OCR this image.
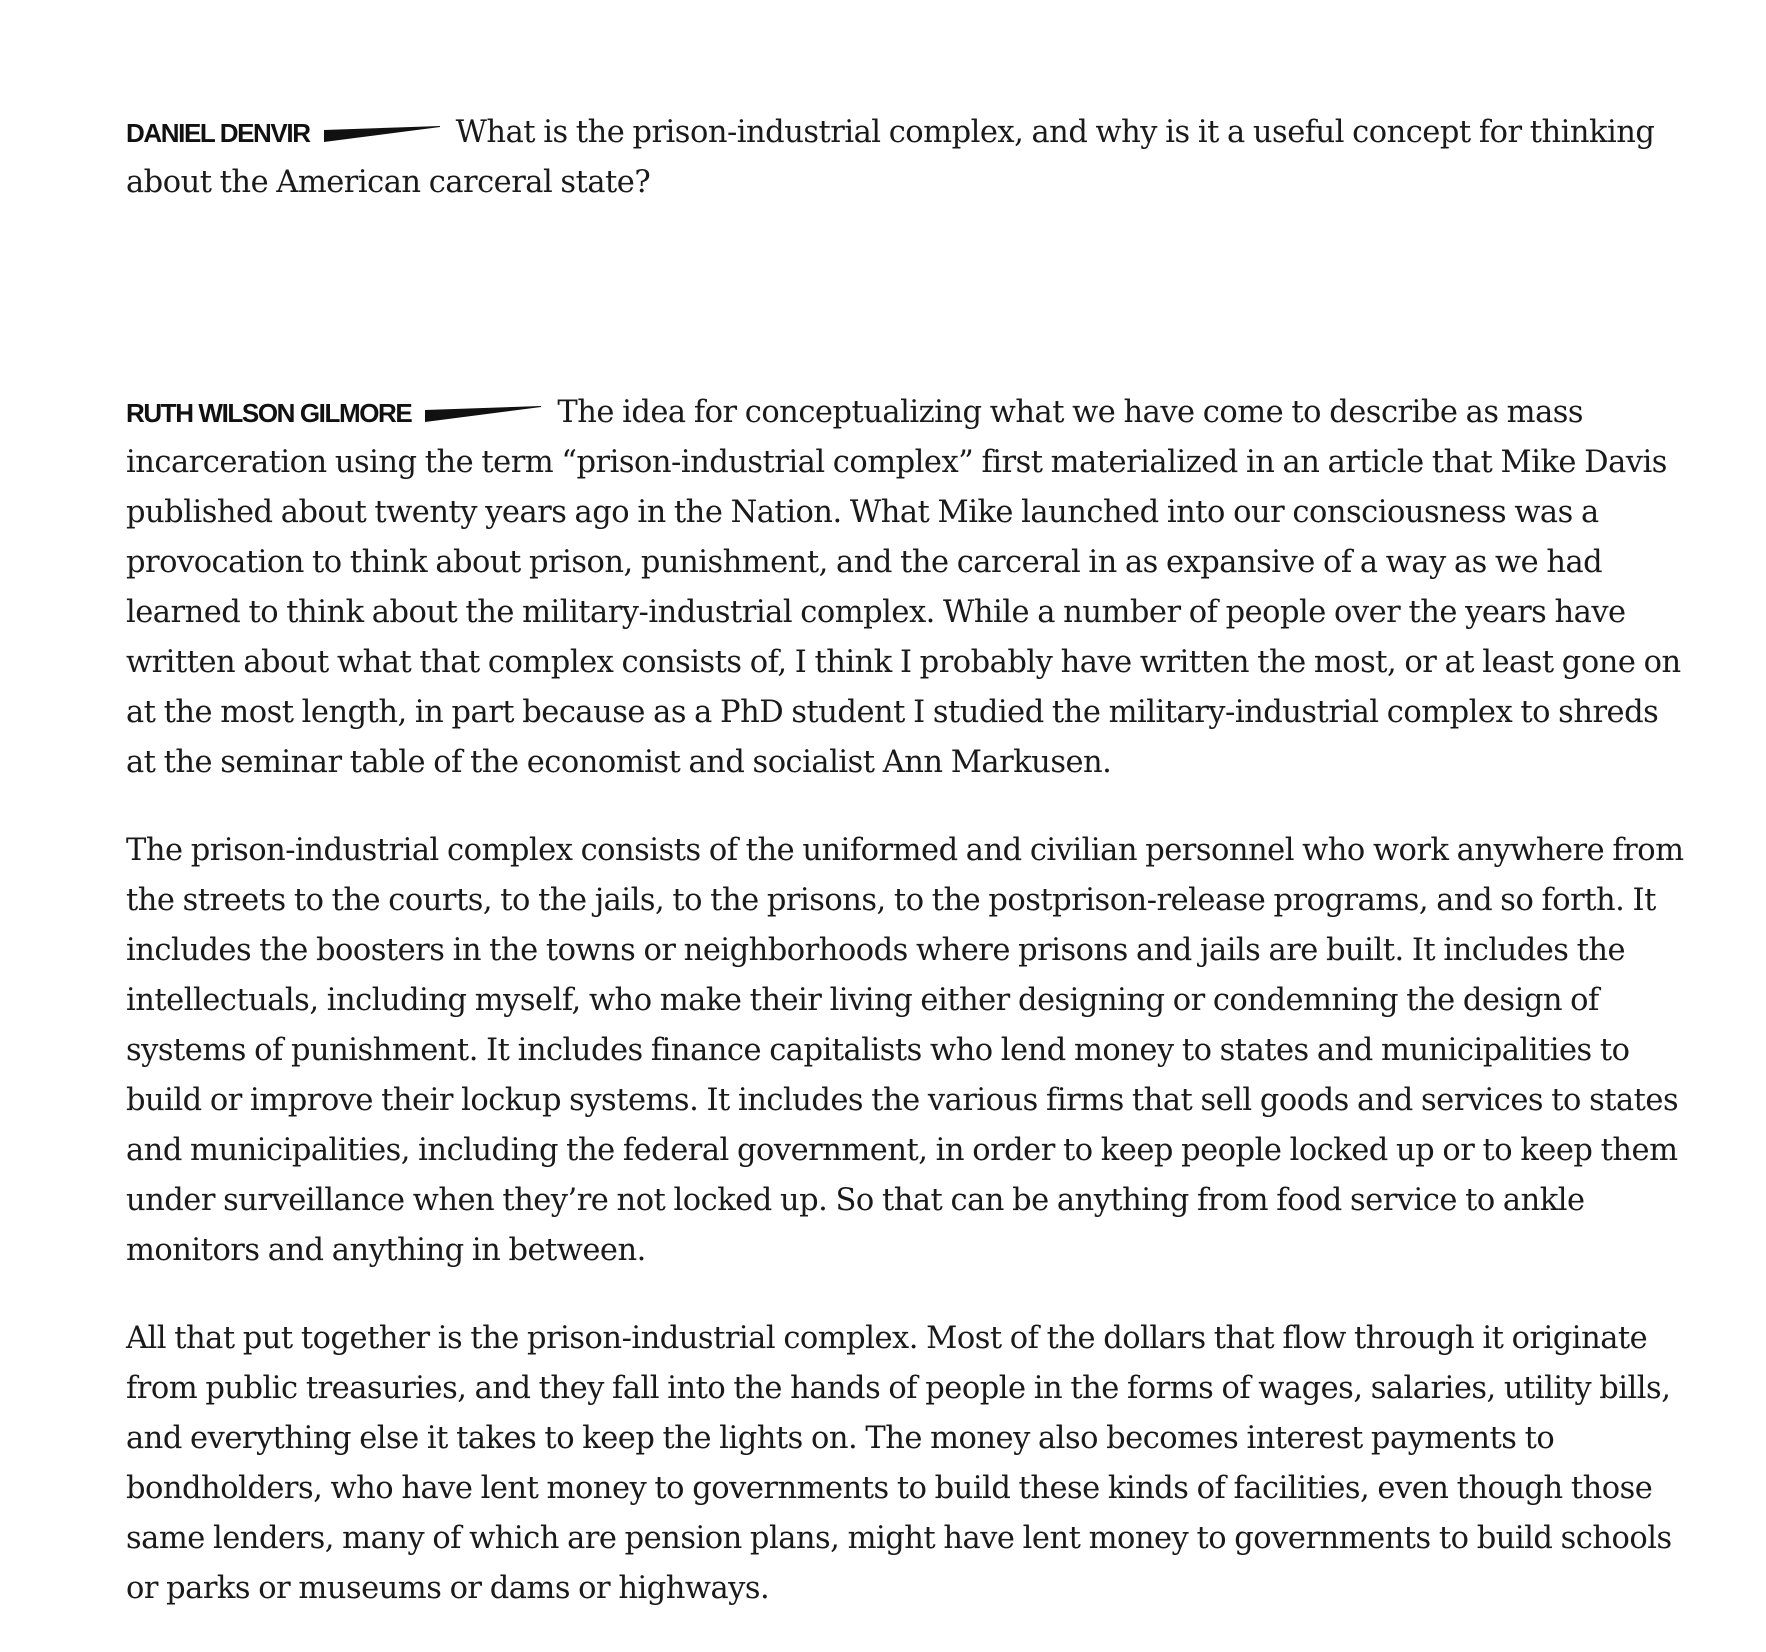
DANIEL DENVIR	What is the prison-industrial complex, and why is it a useful concept for thinking about the American carceral state?

RUTH WILSON GILMORE	The idea for conceptualizing what we have come to describe as mass incarceration using the term “prison-industrial complex” first materialized in an article that Mike Davis published about twenty years ago in the Nation. What Mike launched into our consciousness was a provocation to think about prison, punishment, and the carceral in as expansive of a way as we had learned to think about the military-industrial complex. While a number of people over the years have written about what that complex consists of, I think I probably have written the most, or at least gone on at the most length, in part because as a PhD student I studied the military-industrial complex to shreds at the seminar table of the economist and socialist Ann Markusen.

The prison-industrial complex consists of the uniformed and civilian personnel who work anywhere from the streets to the courts, to the jails, to the prisons, to the postprison-release programs, and so forth. It includes the boosters in the towns or neighborhoods where prisons and jails are built. It includes the intellectuals, including myself, who make their living either designing or condemning the design of systems of punishment. It includes finance capitalists who lend money to states and municipalities to build or improve their lockup systems. It includes the various firms that sell goods and services to states and municipalities, including the federal government, in order to keep people locked up or to keep them under surveillance when they’re not locked up. So that can be anything from food service to ankle monitors and anything in between.

All that put together is the prison-industrial complex. Most of the dollars that flow through it originate from public treasuries, and they fall into the hands of people in the forms of wages, salaries, utility bills, and everything else it takes to keep the lights on. The money also becomes interest payments to bondholders, who have lent money to governments to build these kinds of facilities, even though those same lenders, many of which are pension plans, might have lent money to governments to build schools or parks or museums or dams or highways.
